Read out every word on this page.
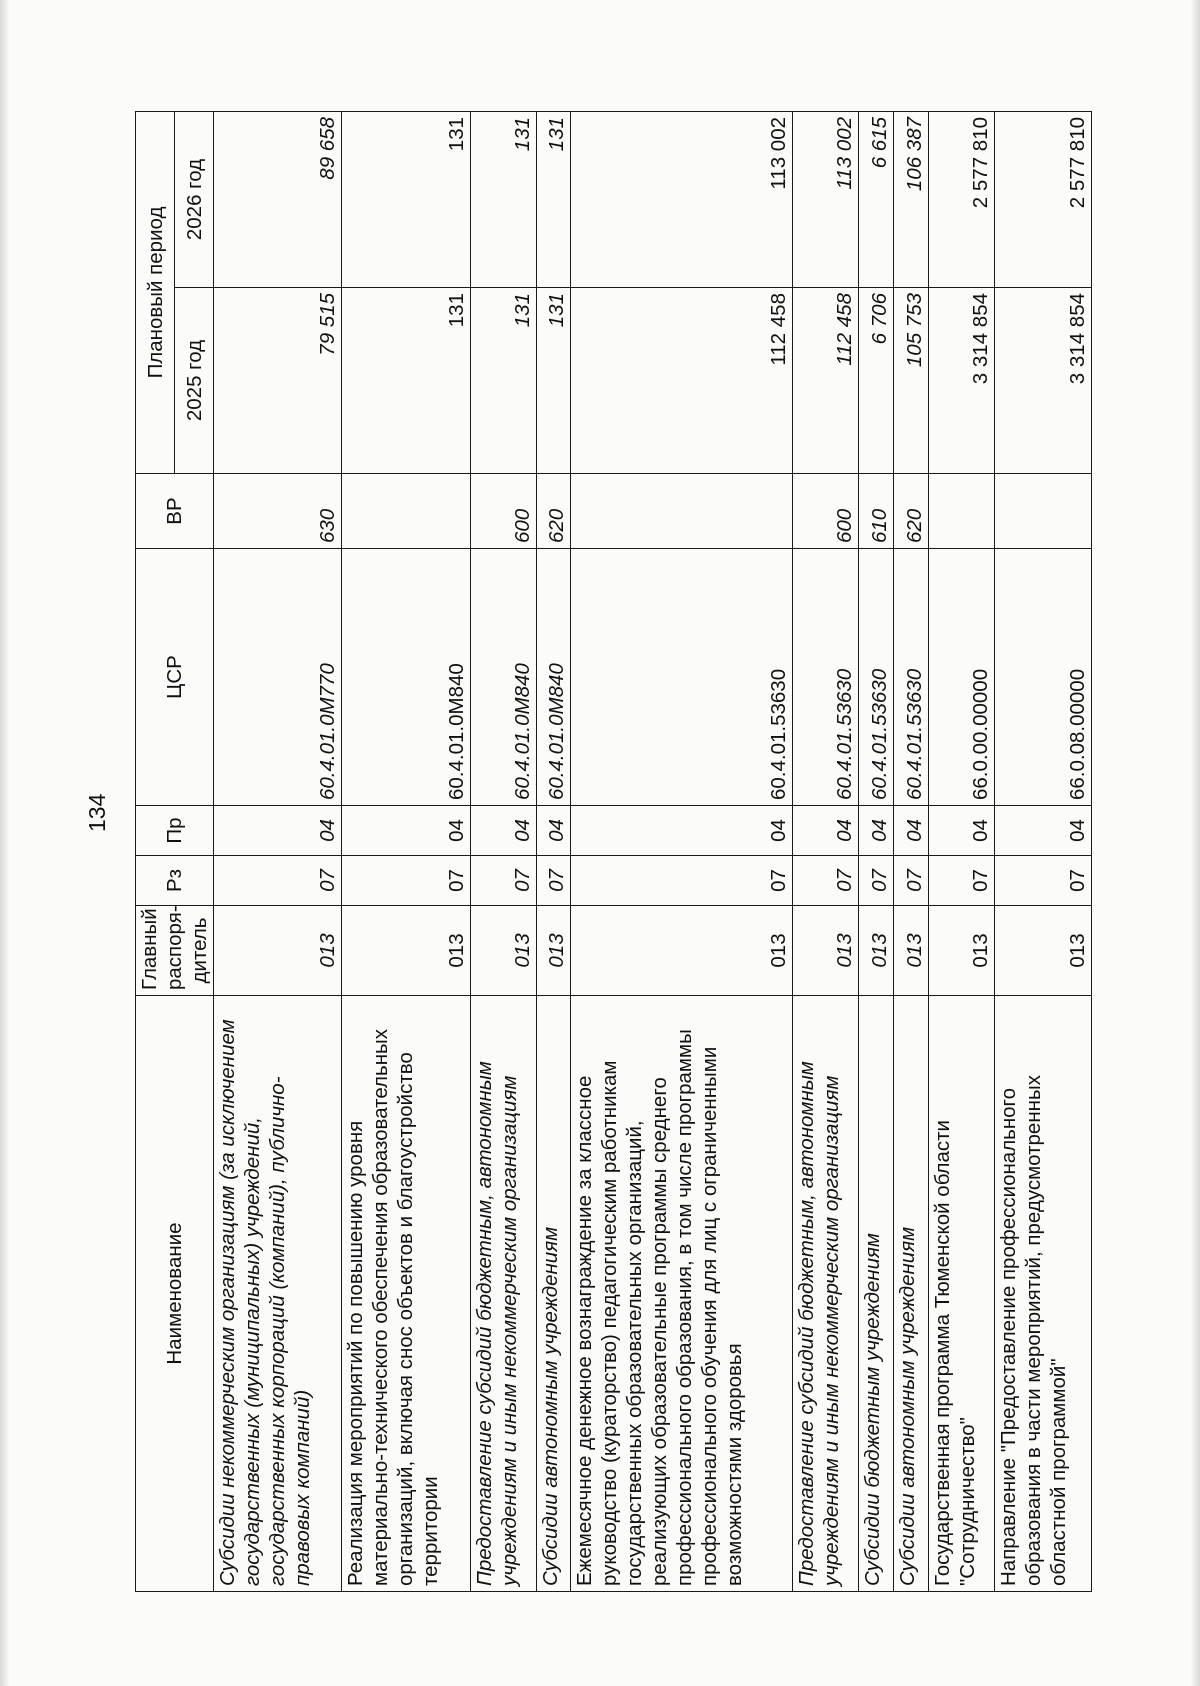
134
Наименование	Главный распоря-дитель	Рз	Пр	ЦСР	ВР	Плановый период	
						2025 год	2026 год
Субсидии некоммерческим организациям (за исключением государственных (муниципальных) учреждений, государственных корпораций (компаний), публично-правовых компаний)	013	07	04	60.4.01.0М770	630	79 515	89 658
Реализация мероприятий по повышению уровня материально-технического обеспечения образовательных организаций, включая снос объектов и благоустройство территории	013	07	04	60.4.01.0М840		131	131
Предоставление субсидий бюджетным, автономным учреждениям и иным некоммерческим организациям	013	07	04	60.4.01.0М840	600	131	131
Субсидии автономным учреждениям	013	07	04	60.4.01.0М840	620	131	131
Ежемесячное денежное вознаграждение за классное руководство (кураторство) педагогическим работникам государственных образовательных организаций, реализующих образовательные программы среднего профессионального образования, в том числе программы профессионального обучения для лиц с ограниченными возможностями здоровья	013	07	04	60.4.01.53630		112 458	113 002
Предоставление субсидий бюджетным, автономным учреждениям и иным некоммерческим организациям	013	07	04	60.4.01.53630	600	112 458	113 002
Субсидии бюджетным учреждениям	013	07	04	60.4.01.53630	610	6 706	6 615
Субсидии автономным учреждениям	013	07	04	60.4.01.53630	620	105 753	106 387
Государственная программа Тюменской области "Сотрудничество"	013	07	04	66.0.00.00000		3 314 854	2 577 810
Направление "Предоставление профессионального образования в части мероприятий, предусмотренных областной программой"	013	07	04	66.0.08.00000		3 314 854	2 577 810
